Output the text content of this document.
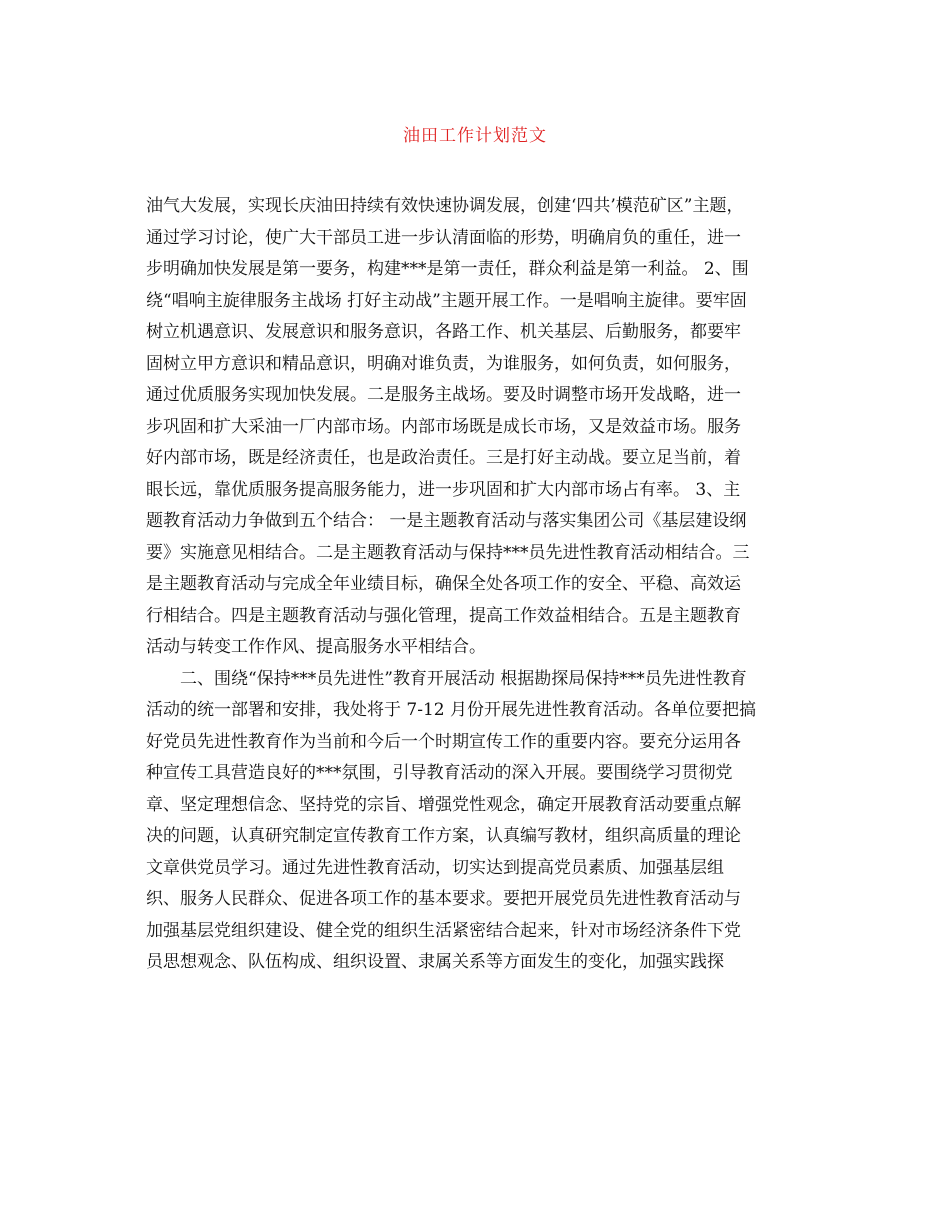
油田工作计划范文
油气大发展，实现长庆油田持续有效快速协调发展，创建‘四共’模范矿区”主题，
通过学习讨论，使广大干部员工进一步认清面临的形势，明确肩负的重任，进一
步明确加快发展是第一要务，构建***是第一责任，群众利益是第一利益。 2、围
绕“唱响主旋律服务主战场 打好主动战”主题开展工作。一是唱响主旋律。要牢固
树立机遇意识、发展意识和服务意识，各路工作、机关基层、后勤服务，都要牢
固树立甲方意识和精品意识，明确对谁负责，为谁服务，如何负责，如何服务，
通过优质服务实现加快发展。二是服务主战场。要及时调整市场开发战略，进一
步巩固和扩大采油一厂内部市场。内部市场既是成长市场，又是效益市场。服务
好内部市场，既是经济责任，也是政治责任。三是打好主动战。要立足当前，着
眼长远，靠优质服务提高服务能力，进一步巩固和扩大内部市场占有率。 3、主
题教育活动力争做到五个结合： 一是主题教育活动与落实集团公司《基层建设纲
要》实施意见相结合。二是主题教育活动与保持***员先进性教育活动相结合。三
是主题教育活动与完成全年业绩目标，确保全处各项工作的安全、平稳、高效运
行相结合。四是主题教育活动与强化管理，提高工作效益相结合。五是主题教育
活动与转变工作作风、提高服务水平相结合。
二、围绕“保持***员先进性”教育开展活动 根据勘探局保持***员先进性教育
活动的统一部署和安排，我处将于 7-12 月份开展先进性教育活动。各单位要把搞
好党员先进性教育作为当前和今后一个时期宣传工作的重要内容。要充分运用各
种宣传工具营造良好的***氛围，引导教育活动的深入开展。要围绕学习贯彻党
章、坚定理想信念、坚持党的宗旨、增强党性观念，确定开展教育活动要重点解
决的问题，认真研究制定宣传教育工作方案，认真编写教材，组织高质量的理论
文章供党员学习。通过先进性教育活动，切实达到提高党员素质、加强基层组
织、服务人民群众、促进各项工作的基本要求。要把开展党员先进性教育活动与
加强基层党组织建设、健全党的组织生活紧密结合起来，针对市场经济条件下党
员思想观念、队伍构成、组织设置、隶属关系等方面发生的变化，加强实践探
